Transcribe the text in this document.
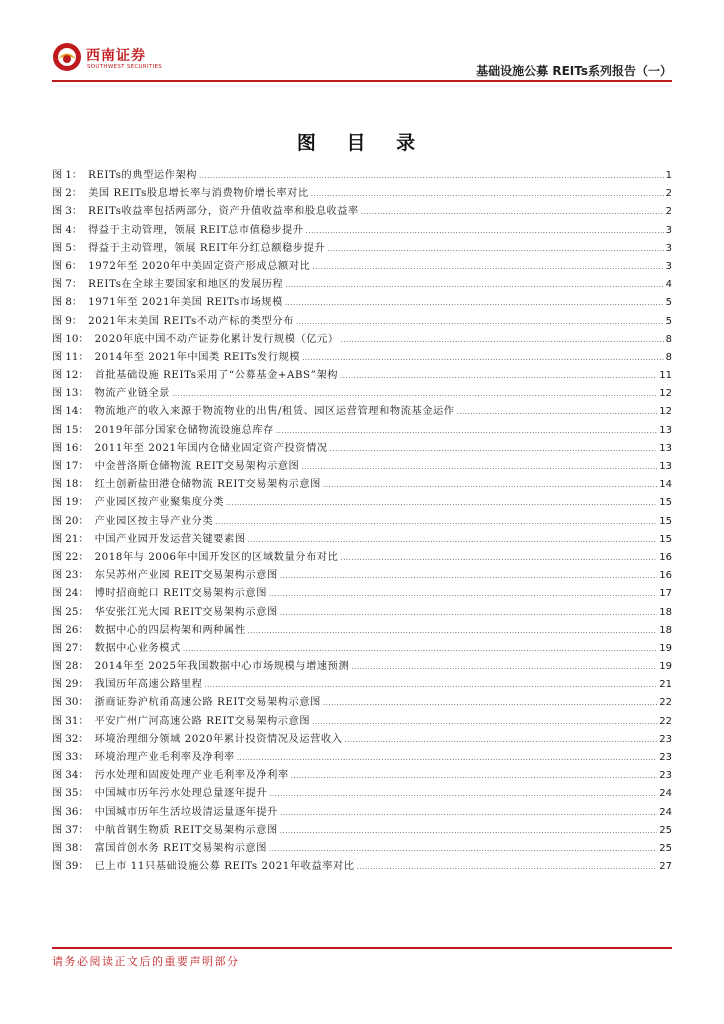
西南证券
SOUTHWEST SECURITIES	基础设施公募 REITs系列报告（一）
图 目 录
图 1： REITs的典型运作架构 .....	1
图 2： 美国 REITs股息增长率与消费物价增长率对比 .....	2
图 3： REITs收益率包括两部分，资产升值收益率和股息收益率 .....	2
图 4： 得益于主动管理，领展 REIT总市值稳步提升 .....	3
图 5： 得益于主动管理，领展 REIT年分红总额稳步提升 .....	3
图 6： 1972年至 2020年中美固定资产形成总额对比 .....	3
图 7： REITs在全球主要国家和地区的发展历程 .....	4
图 8： 1971年至 2021年美国 REITs市场规模 .....	5
图 9： 2021年末美国 REITs不动产标的类型分布 .....	5
图 10： 2020年底中国不动产证券化累计发行规模（亿元） .....	8
图 11： 2014年至 2021年中国类 REITs发行规模 .....	8
图 12： 首批基础设施 REITs采用了“公募基金+ABS”架构 .....	11
图 13： 物流产业链全景 .....	12
图 14： 物流地产的收入来源于物流物业的出售/租赁、园区运营管理和物流基金运作 .....	12
图 15： 2019年部分国家仓储物流设施总库存 .....	13
图 16： 2011年至 2021年国内仓储业固定资产投资情况 .....	13
图 17： 中金普洛斯仓储物流 REIT交易架构示意图 .....	13
图 18： 红土创新盐田港仓储物流 REIT交易架构示意图 .....	14
图 19： 产业园区按产业聚集度分类 .....	15
图 20： 产业园区按主导产业分类 .....	15
图 21： 中国产业园开发运营关键要素图 .....	15
图 22： 2018年与 2006年中国开发区的区域数量分布对比 .....	16
图 23： 东吴苏州产业园 REIT交易架构示意图 .....	16
图 24： 博时招商蛇口 REIT交易架构示意图 .....	17
图 25： 华安张江光大园 REIT交易架构示意图 .....	18
图 26： 数据中心的四层构架和两种属性 .....	18
图 27： 数据中心业务模式 .....	19
图 28： 2014年至 2025年我国数据中心市场规模与增速预测 .....	19
图 29： 我国历年高速公路里程 .....	21
图 30： 浙商证券沪杭甬高速公路 REIT交易架构示意图 .....	22
图 31： 平安广州广河高速公路 REIT交易架构示意图 .....	22
图 32： 环境治理细分领域 2020年累计投资情况及运营收入 .....	23
图 33： 环境治理产业毛利率及净利率 .....	23
图 34： 污水处理和固废处理产业毛利率及净利率 .....	23
图 35： 中国城市历年污水处理总量逐年提升 .....	24
图 36： 中国城市历年生活垃圾清运量逐年提升 .....	24
图 37： 中航首钢生物质 REIT交易架构示意图 .....	25
图 38： 富国首创水务 REIT交易架构示意图 .....	25
图 39： 已上市 11只基础设施公募 REITs 2021年收益率对比 .....	27
请务必阅读正文后的重要声明部分
